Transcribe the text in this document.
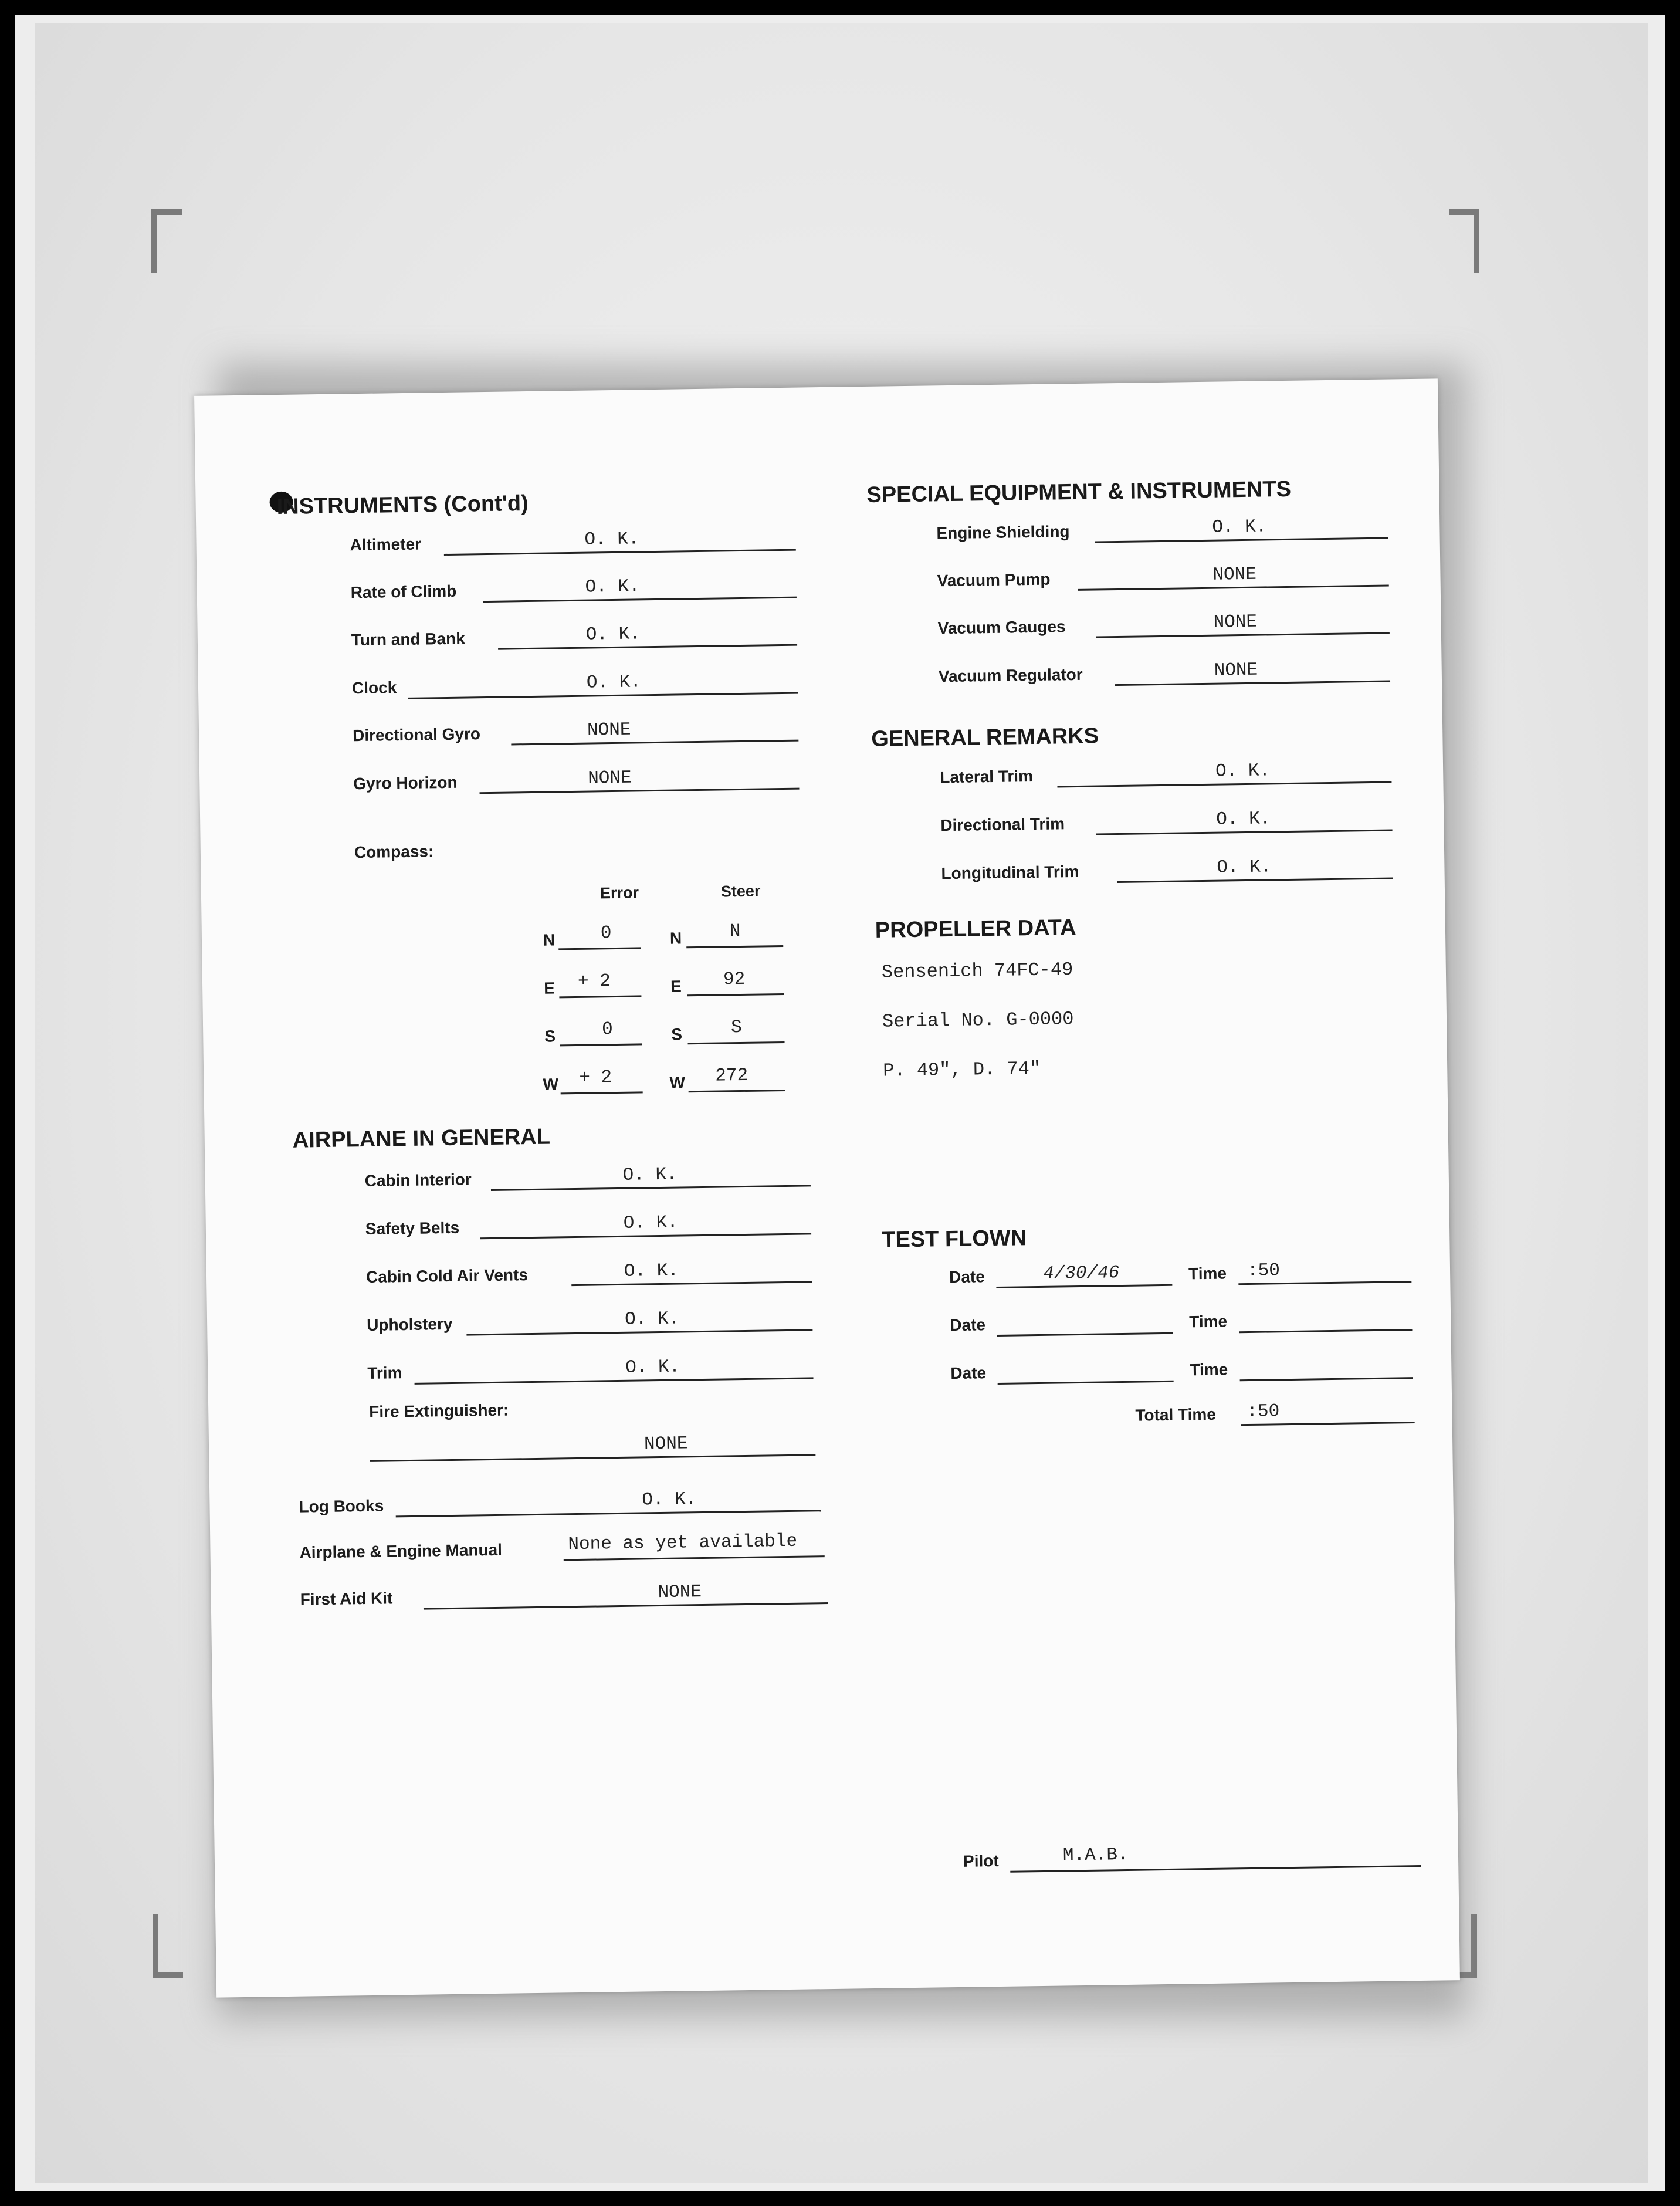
INSTRUMENTS (Cont'd)
Altimeter	O. K.
Rate of Climb	O. K.
Turn and Bank	O. K.
Clock	O. K.
Directional Gyro	NONE
Gyro Horizon	NONE
Compass:
Error	Steer
N 0	N	N
E + 2	E 92
S	0	S	S
W + 2	W 272
AIRPLANE IN GENERAL
Cabin Interior	O. K.
Safety Belts	O. K.
Cabin Cold Air Vents	O. K.
Upholstery	O. K.
Trim	O. K.
Fire Extinguisher:
NONE
Log Books	O. K.
Airplane & Engine Manual	None as yet available
First Aid Kit	NONE
SPECIAL EQUIPMENT & INSTRUMENTS
Engine Shielding	O. K.
Vacuum Pump	NONE
Vacuum Gauges	NONE
Vacuum Regulator	NONE
GENERAL REMARKS
Lateral Trim	O. K.
Directional Trim	O. K.
Longitudinal Trim	O. K.
PROPELLER DATA
Sensenich 74FC-49
Serial No. G-0000
P. 49", D. 74"
TEST FLOWN
Date	4/30/46	Time :50
Date	Time
Date	Time
Total Time :50
Pilot	M.A.B.
